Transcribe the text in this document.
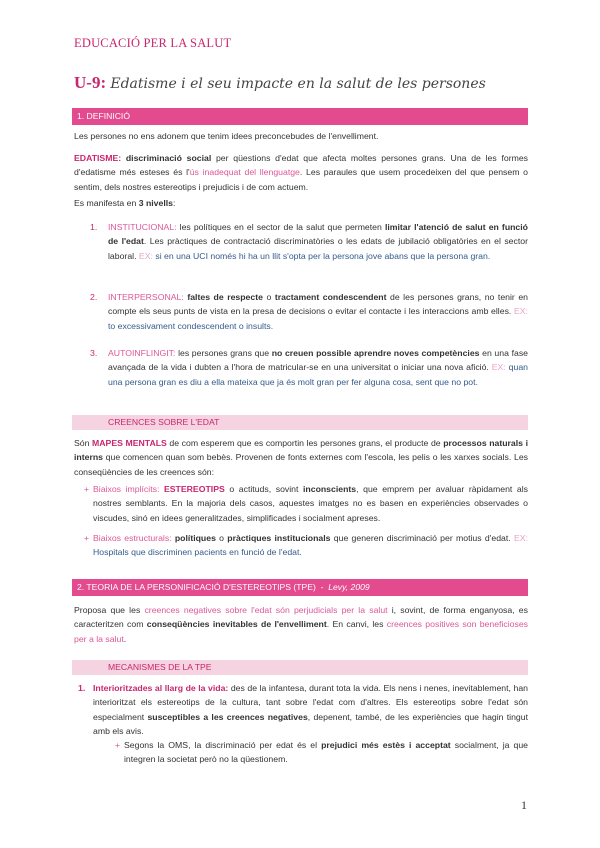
EDUCACIÓ PER LA SALUT
U-9: Edatisme i el seu impacte en la salut de les persones
1. DEFINICIÓ
Les persones no ens adonem que tenim idees preconcebudes de l'envelliment.
EDATISME: discriminació social per qüestions d'edat que afecta moltes persones grans. Una de les formes d'edatisme més esteses és l'ús inadequat del llenguatge. Les paraules que usem procedeixen del que pensem o sentim, dels nostres estereotips i prejudicis i de com actuem.
Es manifesta en 3 nivells:
1. INSTITUCIONAL: les polítiques en el sector de la salut que permeten limitar l'atenció de salut en funció de l'edat. Les pràctiques de contractació discriminatòries o les edats de jubilació obligatòries en el sector laboral. EX: si en una UCI només hi ha un llit s'opta per la persona jove abans que la persona gran.
2. INTERPERSONAL: faltes de respecte o tractament condescendent de les persones grans, no tenir en compte els seus punts de vista en la presa de decisions o evitar el contacte i les interaccions amb elles. EX: to excessivament condescendent o insults.
3. AUTOINFLINGIT: les persones grans que no creuen possible aprendre noves competències en una fase avançada de la vida i dubten a l'hora de matricular-se en una universitat o iniciar una nova afició. EX: quan una persona gran es diu a ella mateixa que ja és molt gran per fer alguna cosa, sent que no pot.
CREENCES SOBRE L'EDAT
Són MAPES MENTALS de com esperem que es comportin les persones grans, el producte de processos naturals i interns que comencen quan som bebès. Provenen de fonts externes com l'escola, les pelis o les xarxes socials. Les conseqüències de les creences són:
+ Biaixos implícits: ESTEREOTIPS o actituds, sovint inconscients, que emprem per avaluar ràpidament als nostres semblants. En la majoria dels casos, aquestes imatges no es basen en experiències observades o viscudes, sinó en idees generalitzades, simplificades i socialment apreses.
+ Biaixos estructurals: polítiques o pràctiques institucionals que generen discriminació per motius d'edat. EX: Hospitals que discriminen pacients en funció de l'edat.
2. TEORIA DE LA PERSONIFICACIÓ D'ESTEREOTIPS (TPE)  -  Levy, 2009
Proposa que les creences negatives sobre l'edat són perjudicials per la salut i, sovint, de forma enganyosa, es caracteritzen com conseqüències inevitables de l'envelliment. En canvi, les creences positives son beneficioses per a la salut.
MECANISMES DE LA TPE
1. Interioritzades al llarg de la vida: des de la infantesa, durant tota la vida. Els nens i nenes, inevitablement, han interioritzat els estereotips de la cultura, tant sobre l'edat com d'altres. Els estereotips sobre l'edat són especialment susceptibles a les creences negatives, depenent, també, de les experiències que hagin tingut amb els avis.
+ Segons la OMS, la discriminació per edat és el prejudici més estès i acceptat socialment, ja que integren la societat però no la qüestionem.
1
